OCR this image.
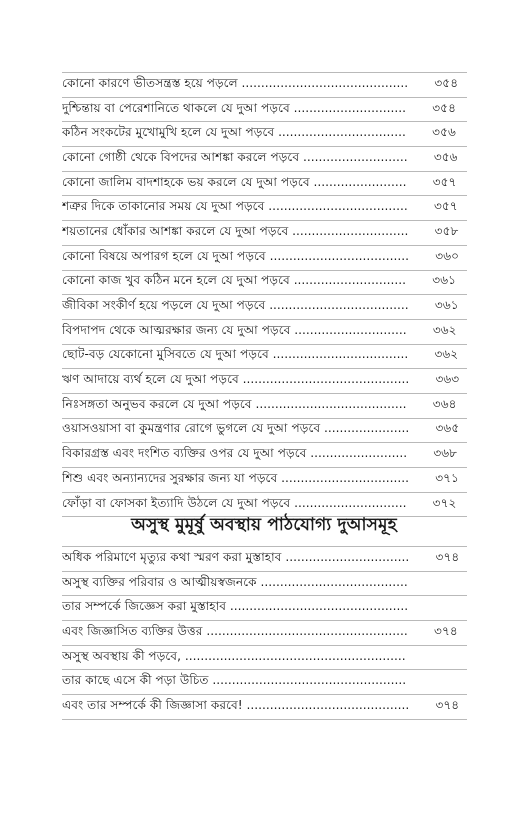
কোনো কারণে ভীতসন্ত্রস্ত হয়ে পড়লে ...........................................	৩৫৪
দুশ্চিন্তায় বা পেরেশানিতে থাকলে যে দুআ পড়বে .............................	৩৫৪
কঠিন সংকটের মুখোমুখি হলে যে দুআ পড়বে .................................	৩৫৬
কোনো গোষ্ঠী থেকে বিপদের আশঙ্কা করলে পড়বে ...........................	৩৫৬
কোনো জালিম বাদশাহকে ভয় করলে যে দুআ পড়বে ........................	৩৫৭
শত্রুর দিকে তাকানোর সময় যে দুআ পড়বে ....................................	৩৫৭
শয়তানের ধোঁকার আশঙ্কা করলে যে দুআ পড়বে ..............................	৩৫৮
কোনো বিষয়ে অপারগ হলে যে দুআ পড়বে ....................................	৩৬০
কোনো কাজ খুব কঠিন মনে হলে যে দুআ পড়বে .............................	৩৬১
জীবিকা সংকীর্ণ হয়ে পড়লে যে দুআ পড়বে ....................................	৩৬১
বিপদাপদ থেকে আত্মরক্ষার জন্য যে দুআ পড়বে .............................	৩৬২
ছোট-বড় যেকোনো মুসিবতে যে দুআ পড়বে ...................................	৩৬২
ঋণ আদায়ে ব্যর্থ হলে যে দুআ পড়বে ...........................................	৩৬৩
নিঃসঙ্গতা অনুভব করলে যে দুআ পড়বে .......................................	৩৬৪
ওয়াসওয়াসা বা কুমন্ত্রণার রোগে ভুগলে যে দুআ পড়বে ......................	৩৬৫
বিকারগ্রস্ত এবং দংশিত ব্যক্তির ওপর যে দুআ পড়বে .........................	৩৬৮
শিশু এবং অন্যান্যদের সুরক্ষার জন্য যা পড়বে .................................	৩৭১
ফোঁড়া বা ফোসকা ইত্যাদি উঠলে যে দুআ পড়বে .............................	৩৭২
অসুস্থ মুমূর্ষু অবস্থায় পাঠযোগ্য দুআসমূহ
অধিক পরিমাণে মৃত্যুর কথা স্মরণ করা মুস্তাহাব ................................	৩৭৪
অসুস্থ ব্যক্তির পরিবার ও আত্মীয়স্বজনকে ......................................
তার সম্পর্কে জিজ্ঞেস করা মুস্তাহাব ..............................................
এবং জিজ্ঞাসিত ব্যক্তির উত্তর ....................................................	৩৭৪
অসুস্থ অবস্থায় কী পড়বে, .........................................................
তার কাছে এসে কী পড়া উচিত ..................................................
এবং তার সম্পর্কে কী জিজ্ঞাসা করবে! ..........................................	৩৭৪
